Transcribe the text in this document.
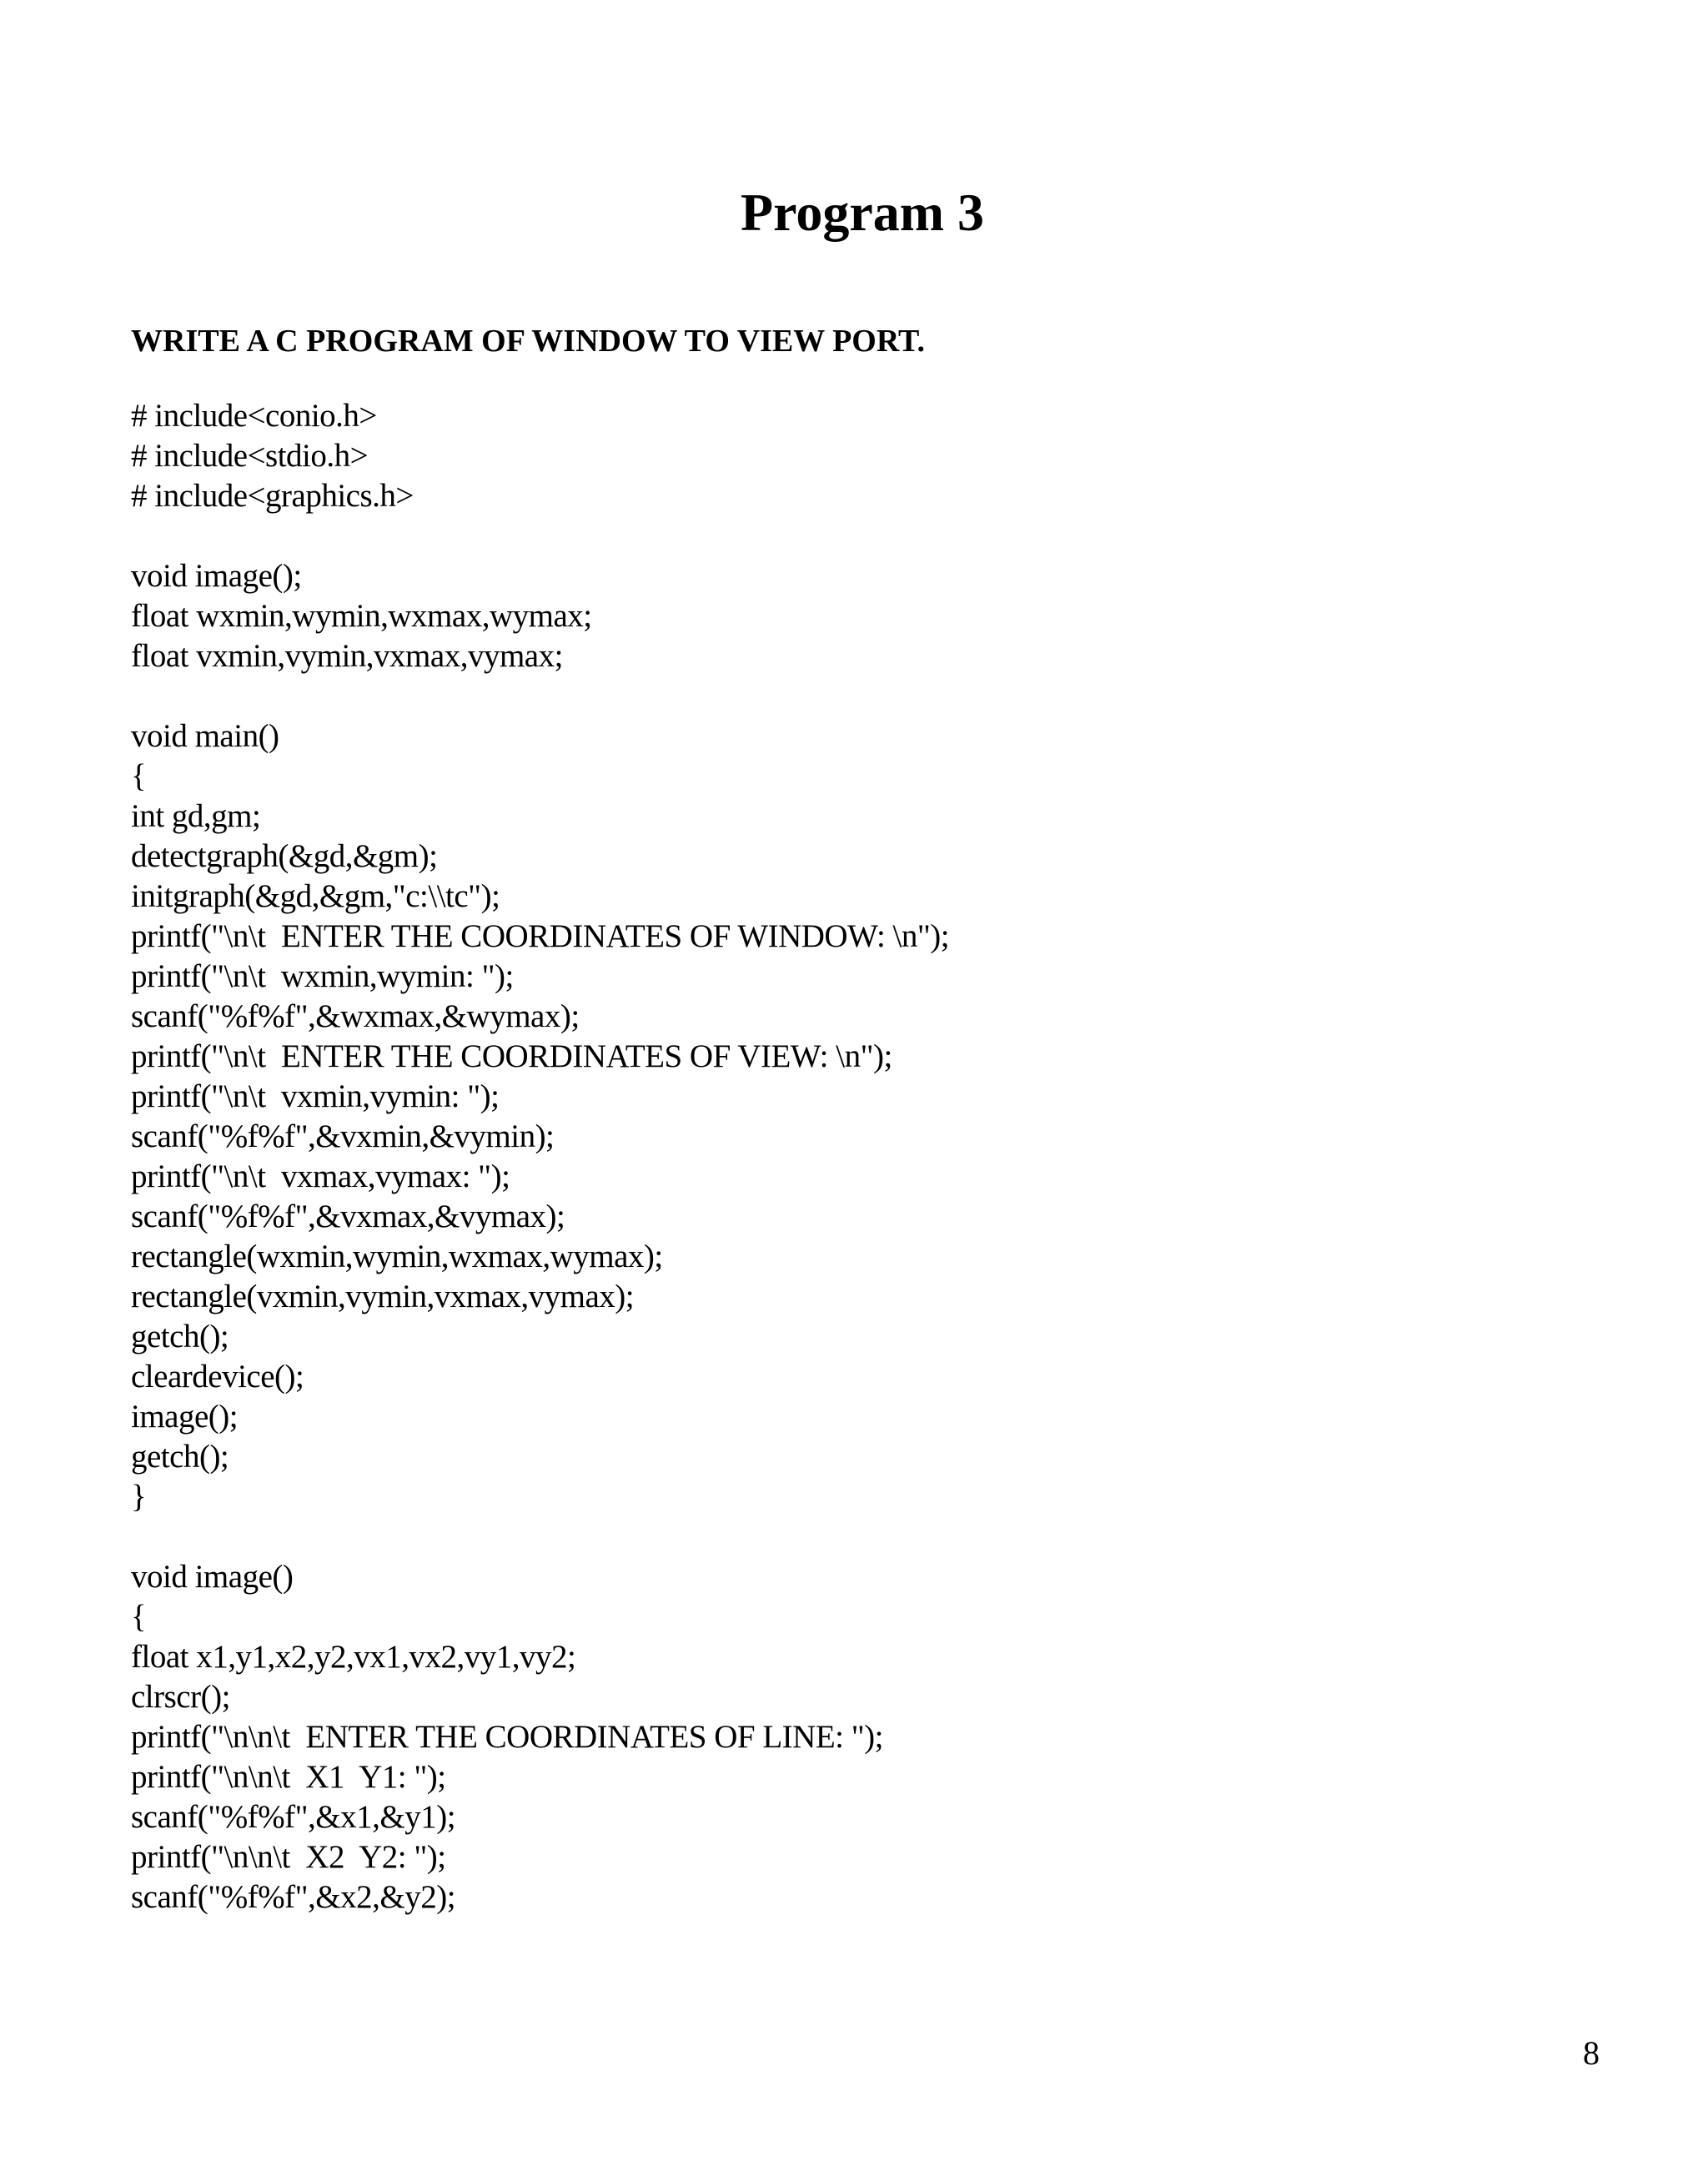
Program 3
WRITE A C PROGRAM OF WINDOW TO VIEW PORT.
# include<conio.h>
# include<stdio.h>
# include<graphics.h>
void image();
float wxmin,wymin,wxmax,wymax;
float vxmin,vymin,vxmax,vymax;
void main()
{
int gd,gm;
detectgraph(&gd,&gm);
initgraph(&gd,&gm,"c:\\tc");
printf("\n\t  ENTER THE COORDINATES OF WINDOW: \n");
printf("\n\t  wxmin,wymin: ");
scanf("%f%f",&wxmax,&wymax);
printf("\n\t  ENTER THE COORDINATES OF VIEW: \n");
printf("\n\t  vxmin,vymin: ");
scanf("%f%f",&vxmin,&vymin);
printf("\n\t  vxmax,vymax: ");
scanf("%f%f",&vxmax,&vymax);
rectangle(wxmin,wymin,wxmax,wymax);
rectangle(vxmin,vymin,vxmax,vymax);
getch();
cleardevice();
image();
getch();
}
void image()
{
float x1,y1,x2,y2,vx1,vx2,vy1,vy2;
clrscr();
printf("\n\n\t  ENTER THE COORDINATES OF LINE: ");
printf("\n\n\t  X1  Y1: ");
scanf("%f%f",&x1,&y1);
printf("\n\n\t  X2  Y2: ");
scanf("%f%f",&x2,&y2);
8
